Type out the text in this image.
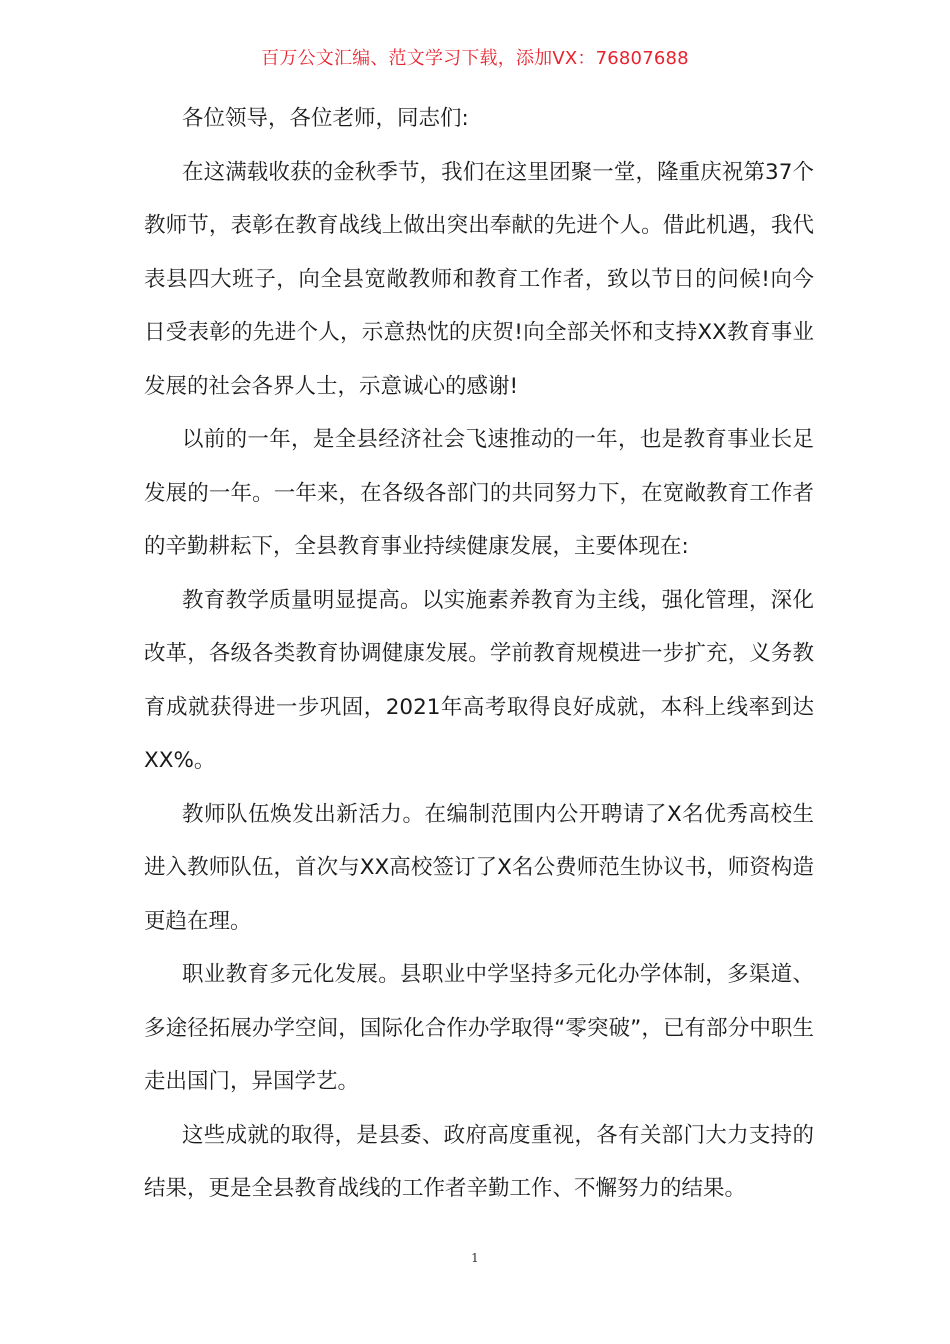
百万公文汇编、范文学习下载，添加VX：76807688

各位领导，各位老师，同志们:

在这满载收获的金秋季节，我们在这里团聚一堂，隆重庆祝第37个教师节，表彰在教育战线上做出突出奉献的先进个人。借此机遇，我代表县四大班子，向全县宽敞教师和教育工作者，致以节日的问候!向今日受表彰的先进个人，示意热忱的庆贺!向全部关怀和支持XX教育事业发展的社会各界人士，示意诚心的感谢!

以前的一年，是全县经济社会飞速推动的一年，也是教育事业长足发展的一年。一年来，在各级各部门的共同努力下，在宽敞教育工作者的辛勤耕耘下，全县教育事业持续健康发展，主要体现在:

教育教学质量明显提高。以实施素养教育为主线，强化管理，深化改革，各级各类教育协调健康发展。学前教育规模进一步扩充，义务教育成就获得进一步巩固，2021年高考取得良好成就，本科上线率到达XX%。

教师队伍焕发出新活力。在编制范围内公开聘请了X名优秀高校生进入教师队伍，首次与XX高校签订了X名公费师范生协议书，师资构造更趋在理。

职业教育多元化发展。县职业中学坚持多元化办学体制，多渠道、多途径拓展办学空间，国际化合作办学取得“零突破”，已有部分中职生走出国门，异国学艺。

这些成就的取得，是县委、政府高度重视，各有关部门大力支持的结果，更是全县教育战线的工作者辛勤工作、不懈努力的结果。

1
